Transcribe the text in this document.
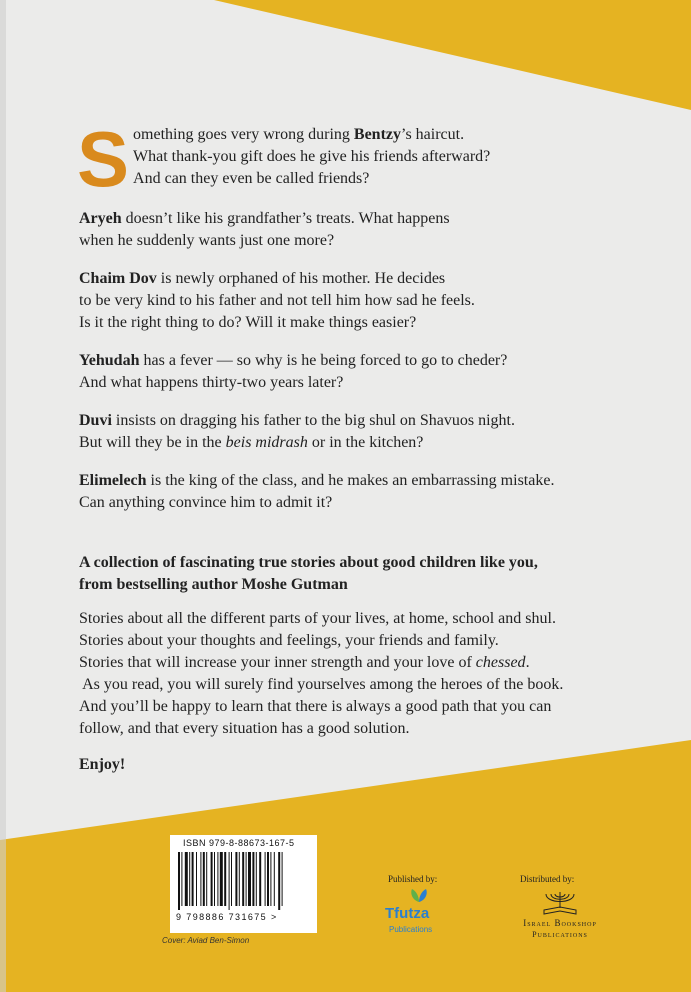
S omething goes very wrong during Bentzy’s haircut.
What thank-you gift does he give his friends afterward?
And can they even be called friends?
Aryeh doesn’t like his grandfather’s treats. What happens
when he suddenly wants just one more?
Chaim Dov is newly orphaned of his mother. He decides
to be very kind to his father and not tell him how sad he feels.
Is it the right thing to do? Will it make things easier?
Yehudah has a fever — so why is he being forced to go to cheder?
And what happens thirty-two years later?
Duvi insists on dragging his father to the big shul on Shavuos night.
But will they be in the beis midrash or in the kitchen?
Elimelech is the king of the class, and he makes an embarrassing mistake.
Can anything convince him to admit it?
A collection of fascinating true stories about good children like you,
from bestselling author Moshe Gutman
Stories about all the different parts of your lives, at home, school and shul.
Stories about your thoughts and feelings, your friends and family.
Stories that will increase your inner strength and your love of chessed.
As you read, you will surely find yourselves among the heroes of the book.
And you’ll be happy to learn that there is always a good path that you can
follow, and that every situation has a good solution.
Enjoy!
ISBN 979-8-88673-167-5
9 798886 731675 >
Cover: Aviad Ben-Simon
Published by:
Tfutza
Publications
Distributed by:
Israel Bookshop
Publications
